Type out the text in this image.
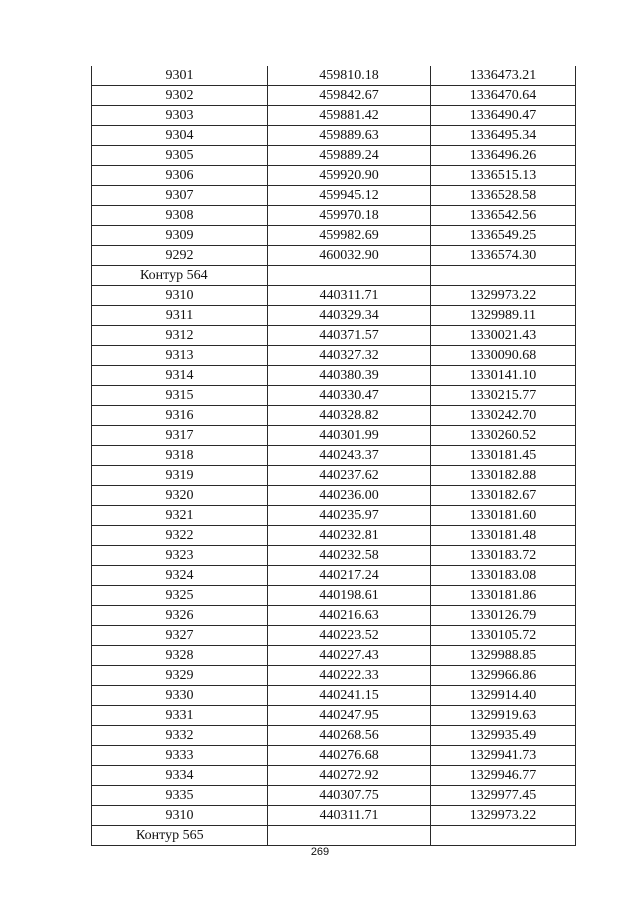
9301	459810.18	1336473.21
9302	459842.67	1336470.64
9303	459881.42	1336490.47
9304	459889.63	1336495.34
9305	459889.24	1336496.26
9306	459920.90	1336515.13
9307	459945.12	1336528.58
9308	459970.18	1336542.56
9309	459982.69	1336549.25
9292	460032.90	1336574.30
Контур 564		
9310	440311.71	1329973.22
9311	440329.34	1329989.11
9312	440371.57	1330021.43
9313	440327.32	1330090.68
9314	440380.39	1330141.10
9315	440330.47	1330215.77
9316	440328.82	1330242.70
9317	440301.99	1330260.52
9318	440243.37	1330181.45
9319	440237.62	1330182.88
9320	440236.00	1330182.67
9321	440235.97	1330181.60
9322	440232.81	1330181.48
9323	440232.58	1330183.72
9324	440217.24	1330183.08
9325	440198.61	1330181.86
9326	440216.63	1330126.79
9327	440223.52	1330105.72
9328	440227.43	1329988.85
9329	440222.33	1329966.86
9330	440241.15	1329914.40
9331	440247.95	1329919.63
9332	440268.56	1329935.49
9333	440276.68	1329941.73
9334	440272.92	1329946.77
9335	440307.75	1329977.45
9310	440311.71	1329973.22
Контур 565		
269
